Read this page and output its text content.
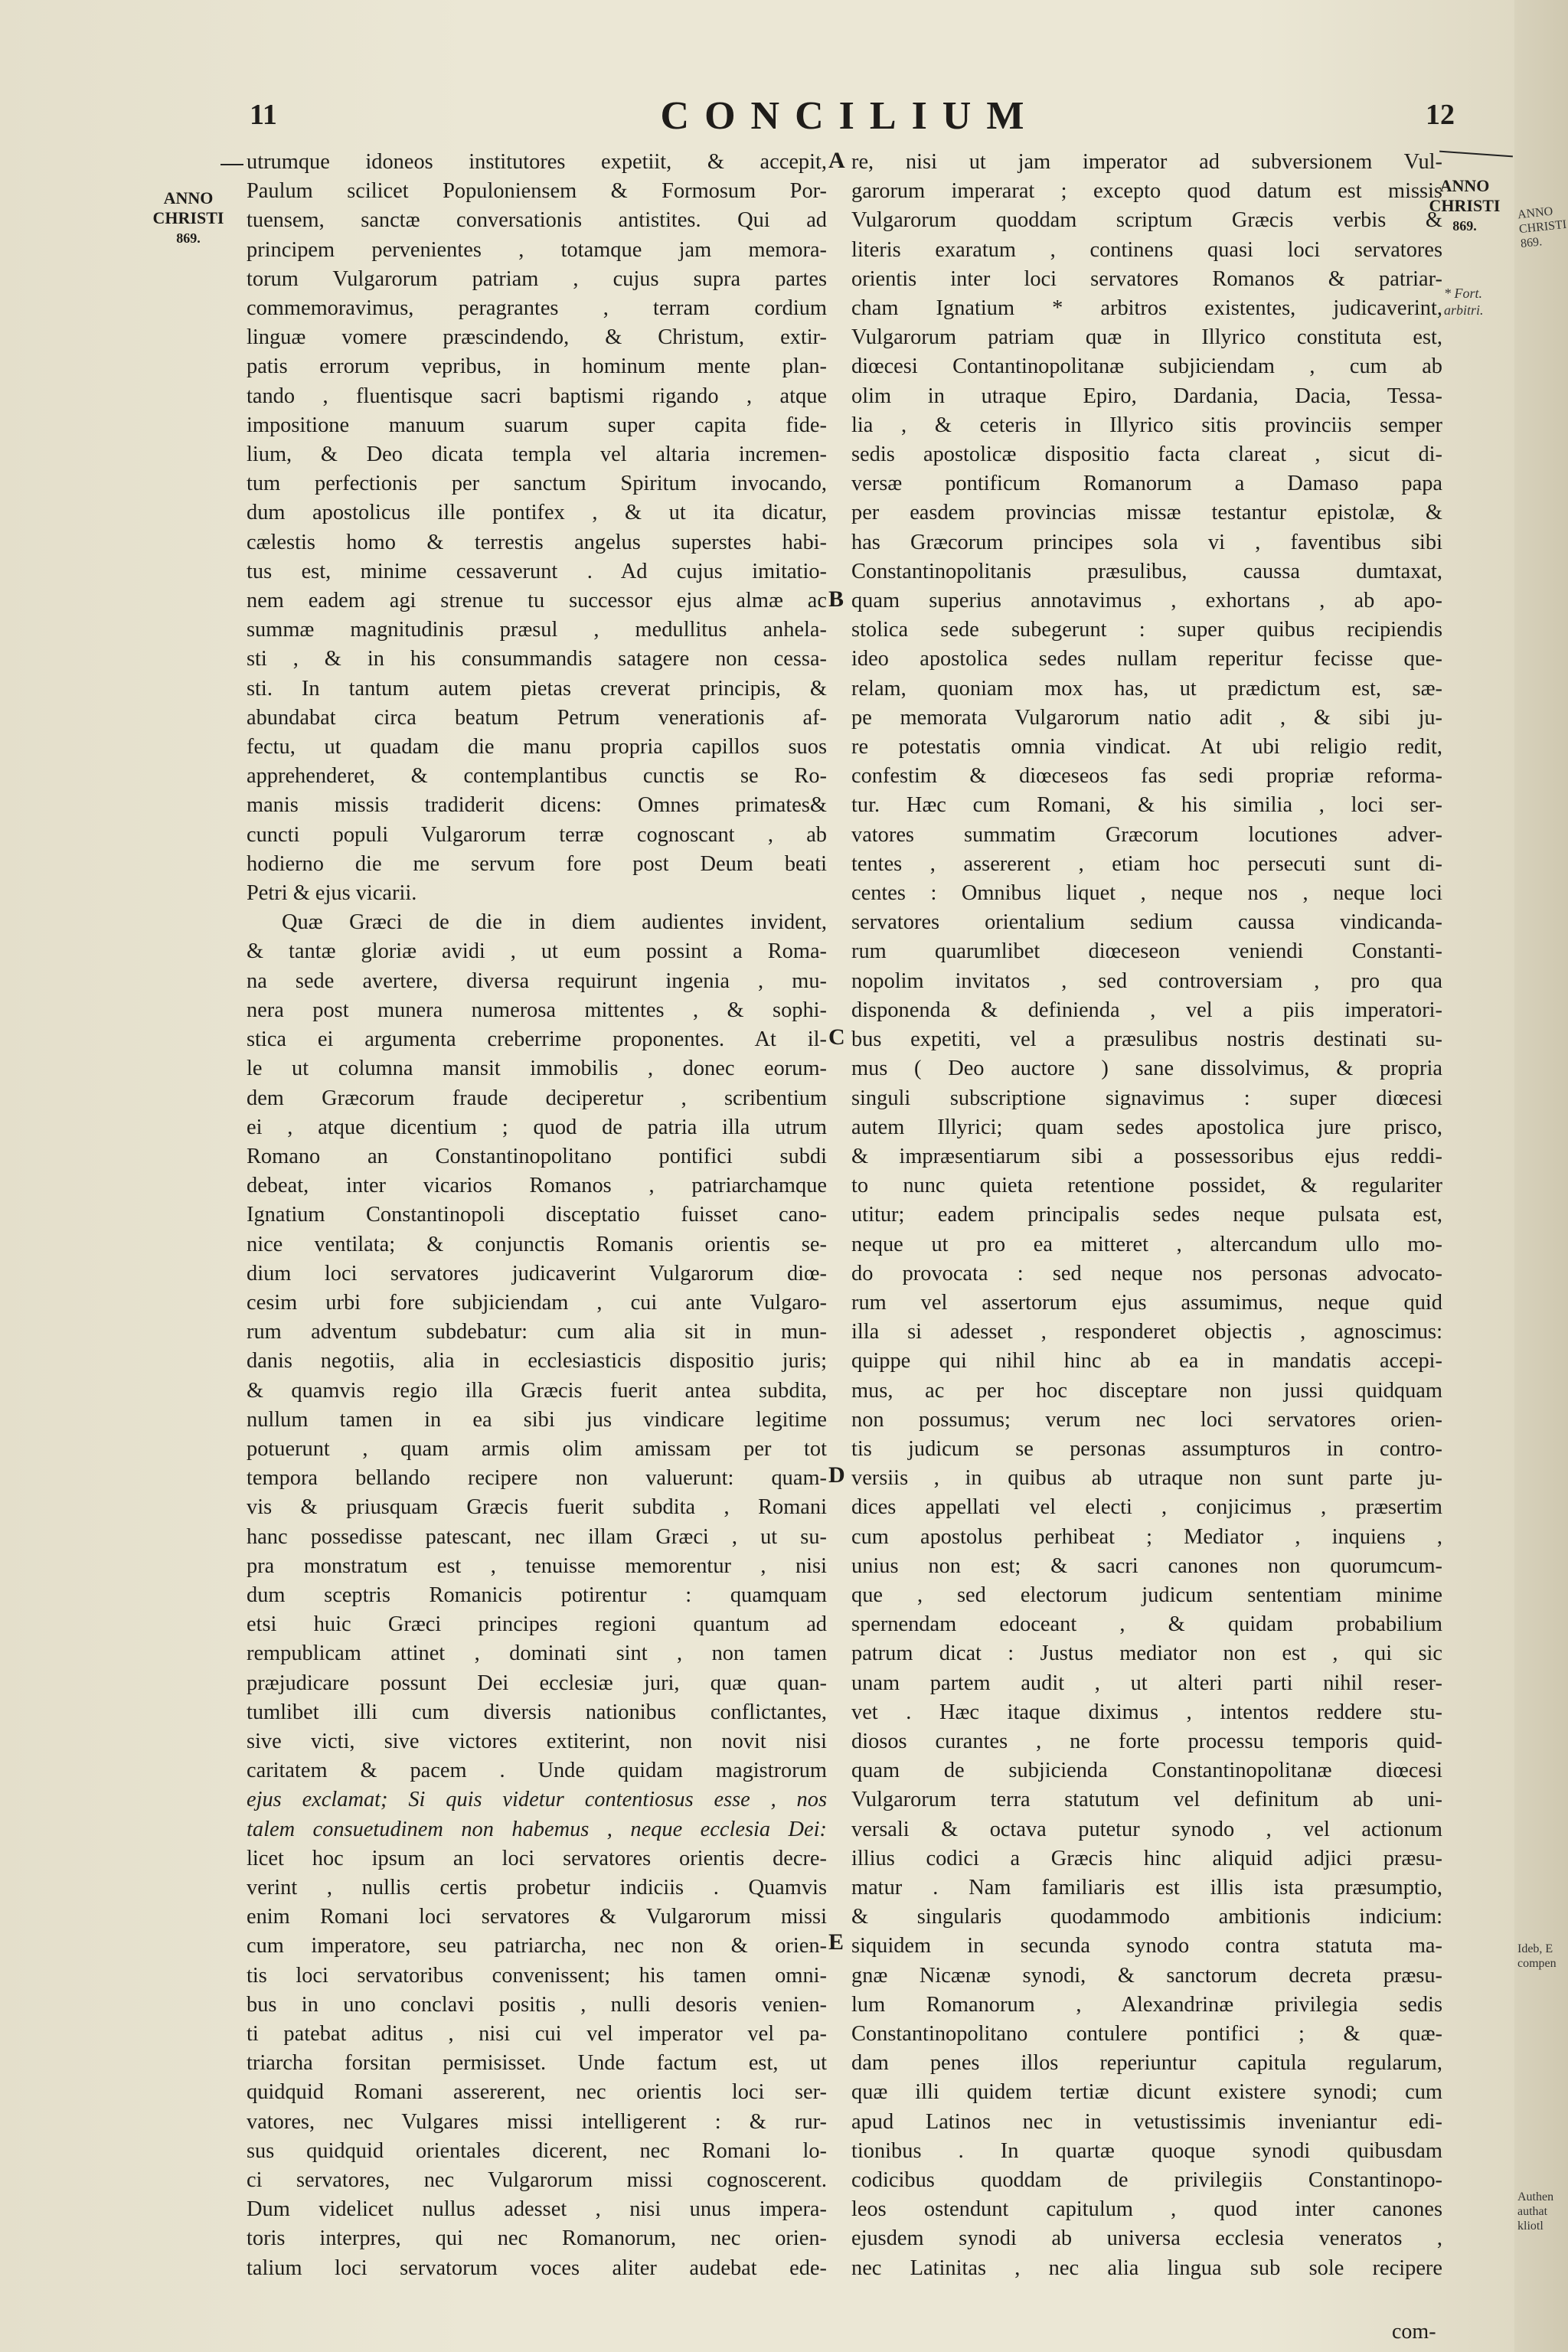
11	CONCILIUM	12
ANNO
CHRISTI
869.
ANNO
CHRISTI
869.
* Fort. arbitri.

utrumque idoneos institutores expetiit, & accepit,

Paulum scilicet Populoniensem & Formosum Por-

tuensem, sanctæ conversationis antistites. Qui ad

principem pervenientes , totamque jam memora-

torum Vulgarorum patriam , cujus supra partes

commemoravimus, peragrantes , terram cordium

linguæ vomere præscindendo, & Christum, extir-

patis errorum vepribus, in hominum mente plan-

tando , fluentisque sacri baptismi rigando , atque

impositione manuum suarum super capita fide-

lium, & Deo dicata templa vel altaria incremen-

tum perfectionis per sanctum Spiritum invocando,

dum apostolicus ille pontifex , & ut ita dicatur,

cælestis homo & terrestis angelus superstes habi-

tus est, minime cessaverunt . Ad cujus imitatio-

nem eadem agi strenue tu successor ejus almæ ac

summæ magnitudinis præsul , medullitus anhela-

sti , & in his consummandis satagere non cessa-

sti. In tantum autem pietas creverat principis, &

abundabat circa beatum Petrum venerationis af-

fectu, ut quadam die manu propria capillos suos

apprehenderet, & contemplantibus cunctis se Ro-

manis missis tradiderit dicens: Omnes primates&

cuncti populi Vulgarorum terræ cognoscant , ab

hodierno die me servum fore post Deum beati

Petri & ejus vicarii.

Quæ Græci de die in diem audientes invident,

& tantæ gloriæ avidi , ut eum possint a Roma-

na sede avertere, diversa requirunt ingenia , mu-

nera post munera numerosa mittentes , & sophi-

stica ei argumenta creberrime proponentes. At il-

le ut columna mansit immobilis , donec eorum-

dem Græcorum fraude deciperetur , scribentium

ei , atque dicentium ; quod de patria illa utrum

Romano an Constantinopolitano pontifici subdi

debeat, inter vicarios Romanos , patriarchamque

Ignatium Constantinopoli disceptatio fuisset cano-

nice ventilata; & conjunctis Romanis orientis se-

dium loci servatores judicaverint Vulgarorum diœ-

cesim urbi fore subjiciendam , cui ante Vulgaro-

rum adventum subdebatur: cum alia sit in mun-

danis negotiis, alia in ecclesiasticis dispositio juris;

& quamvis regio illa Græcis fuerit antea subdita,

nullum tamen in ea sibi jus vindicare legitime

potuerunt , quam armis olim amissam per tot

tempora bellando recipere non valuerunt: quam-

vis & priusquam Græcis fuerit subdita , Romani

hanc possedisse patescant, nec illam Græci , ut su-

pra monstratum est , tenuisse memorentur , nisi

dum sceptris Romanicis potirentur : quamquam

etsi huic Græci principes regioni quantum ad

rempublicam attinet , dominati sint , non tamen

præjudicare possunt Dei ecclesiæ juri, quæ quan-

tumlibet illi cum diversis nationibus conflictantes,

sive victi, sive victores extiterint, non novit nisi

caritatem & pacem . Unde quidam magistrorum

ejus exclamat; Si quis videtur contentiosus esse , nos

talem consuetudinem non habemus , neque ecclesia Dei:

licet hoc ipsum an loci servatores orientis decre-

verint , nullis certis probetur indiciis . Quamvis

enim Romani loci servatores & Vulgarorum missi

cum imperatore, seu patriarcha, nec non & orien-

tis loci servatoribus convenissent; his tamen omni-

bus in uno conclavi positis , nulli desoris venien-

ti patebat aditus , nisi cui vel imperator vel pa-

triarcha forsitan permisisset. Unde factum est, ut

quidquid Romani assererent, nec orientis loci ser-

vatores, nec Vulgares missi intelligerent : & rur-

sus quidquid orientales dicerent, nec Romani lo-

ci servatores, nec Vulgarorum missi cognoscerent.

Dum videlicet nullus adesset , nisi unus impera-

toris interpres, qui nec Romanorum, nec orien-

talium loci servatorum voces aliter audebat ede-

re, nisi ut jam imperator ad subversionem Vul-

garorum imperarat ; excepto quod datum est missis

Vulgarorum quoddam scriptum Græcis verbis &

literis exaratum , continens quasi loci servatores

orientis inter loci servatores Romanos & patriar-

cham Ignatium * arbitros existentes, judicaverint,

Vulgarorum patriam quæ in Illyrico constituta est,

diœcesi Contantinopolitanæ subjiciendam , cum ab

olim in utraque Epiro, Dardania, Dacia, Tessa-

lia , & ceteris in Illyrico sitis provinciis semper

sedis apostolicæ dispositio facta clareat , sicut di-

versæ pontificum Romanorum a Damaso papa

per easdem provincias missæ testantur epistolæ, &

has Græcorum principes sola vi , faventibus sibi

Constantinopolitanis præsulibus, caussa dumtaxat,

quam superius annotavimus , exhortans , ab apo-

stolica sede subegerunt : super quibus recipiendis

ideo apostolica sedes nullam reperitur fecisse que-

relam, quoniam mox has, ut prædictum est, sæ-

pe memorata Vulgarorum natio adit , & sibi ju-

re potestatis omnia vindicat. At ubi religio redit,

confestim & diœceseos fas sedi propriæ reforma-

tur. Hæc cum Romani, & his similia , loci ser-

vatores summatim Græcorum locutiones adver-

tentes , assererent , etiam hoc persecuti sunt di-

centes : Omnibus liquet , neque nos , neque loci

servatores orientalium sedium caussa vindicanda-

rum quarumlibet diœceseon veniendi Constanti-

nopolim invitatos , sed controversiam , pro qua

disponenda & definienda , vel a piis imperatori-

bus expetiti, vel a præsulibus nostris destinati su-

mus ( Deo auctore ) sane dissolvimus, & propria

singuli subscriptione signavimus : super diœcesi

autem Illyrici; quam sedes apostolica jure prisco,

& impræsentiarum sibi a possessoribus ejus reddi-

to nunc quieta retentione possidet, & regulariter

utitur; eadem principalis sedes neque pulsata est,

neque ut pro ea mitteret , altercandum ullo mo-

do provocata : sed neque nos personas advocato-

rum vel assertorum ejus assumimus, neque quid

illa si adesset , responderet objectis , agnoscimus:

quippe qui nihil hinc ab ea in mandatis accepi-

mus, ac per hoc disceptare non jussi quidquam

non possumus; verum nec loci servatores orien-

tis judicum se personas assumpturos in contro-

versiis , in quibus ab utraque non sunt parte ju-

dices appellati vel electi , conjicimus , præsertim

cum apostolus perhibeat ; Mediator , inquiens ,

unius non est; & sacri canones non quorumcum-

que , sed electorum judicum sententiam minime

spernendam edoceant , & quidam probabilium

patrum dicat : Justus mediator non est , qui sic

unam partem audit , ut alteri parti nihil reser-

vet . Hæc itaque diximus , intentos reddere stu-

diosos curantes , ne forte processu temporis quid-

quam de subjicienda Constantinopolitanæ diœcesi

Vulgarorum terra statutum vel definitum ab uni-

versali & octava putetur synodo , vel actionum

illius codici a Græcis hinc aliquid adjici præsu-

matur . Nam familiaris est illis ista præsumptio,

& singularis quodammodo ambitionis indicium:

siquidem in secunda synodo contra statuta ma-

gnæ Nicænæ synodi, & sanctorum decreta præsu-

lum Romanorum , Alexandrinæ privilegia sedis

Constantinopolitano contulere pontifici ; & quæ-

dam penes illos reperiuntur capitula regularum,

quæ illi quidem tertiæ dicunt existere synodi; cum

apud Latinos nec in vetustissimis inveniantur edi-

tionibus . In quartæ quoque synodi quibusdam

codicibus quoddam de privilegiis Constantinopo-

leos ostendunt capitulum , quod inter canones

ejusdem synodi ab universa ecclesia veneratos ,

nec Latinitas , nec alia lingua sub sole recipere

A
B
C
D
E
com-
ANNO
CHRISTI
869.
Ideb, E
compen
Authen
authat
kliotl
